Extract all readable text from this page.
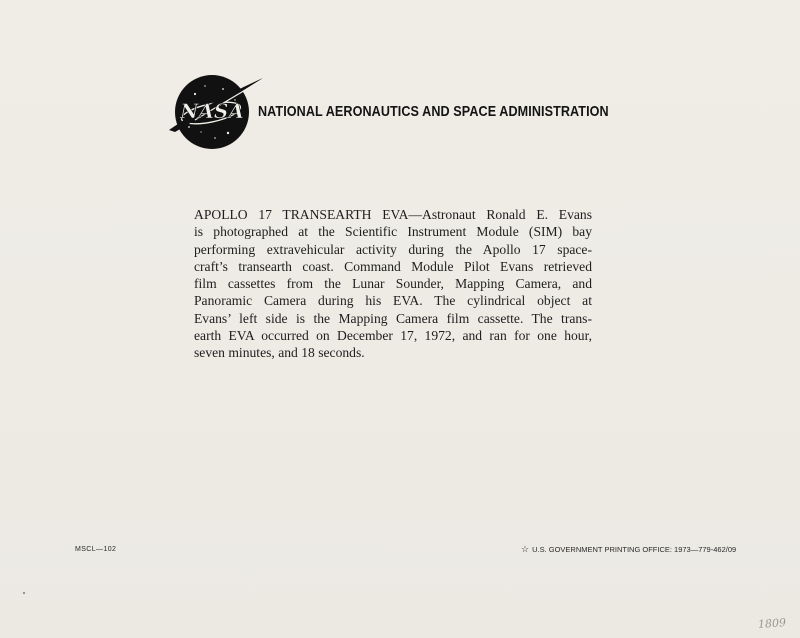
NASA NATIONAL AERONAUTICS AND SPACE ADMINISTRATION
APOLLO 17 TRANSEARTH EVA—Astronaut Ronald E. Evans
is photographed at the Scientific Instrument Module (SIM) bay
performing extravehicular activity during the Apollo 17 space-
craft’s transearth coast. Command Module Pilot Evans retrieved
film cassettes from the Lunar Sounder, Mapping Camera, and
Panoramic Camera during his EVA. The cylindrical object at
Evans’ left side is the Mapping Camera film cassette. The trans-
earth EVA occurred on December 17, 1972, and ran for one hour,
seven minutes, and 18 seconds.
MSCL—102	☆ U.S. GOVERNMENT PRINTING OFFICE: 1973—779-462/09
1809
